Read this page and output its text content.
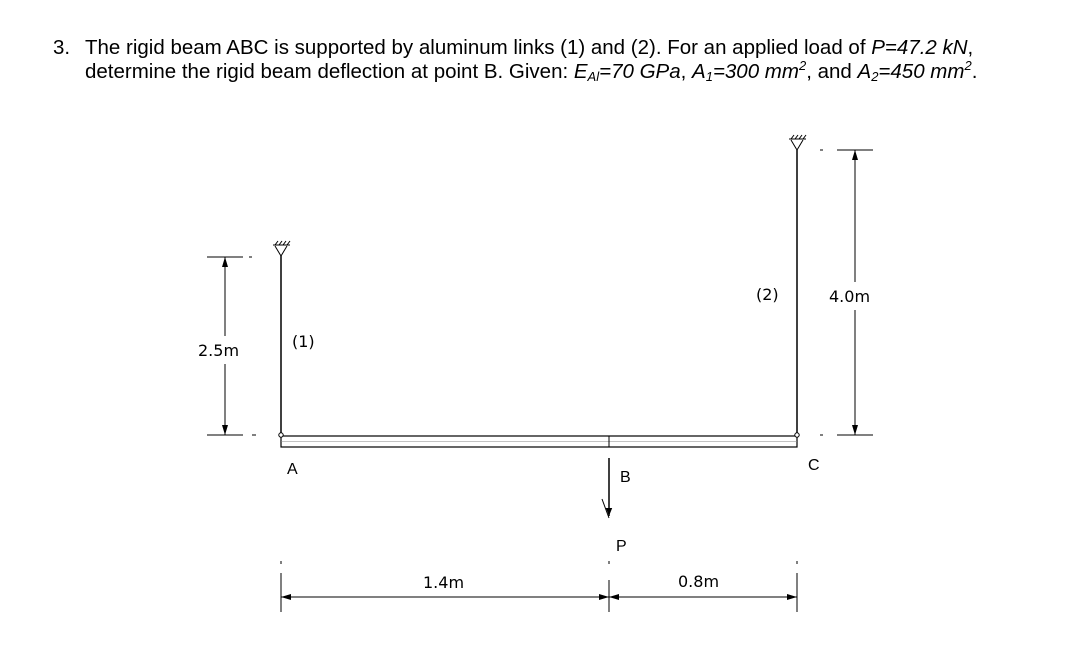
3. The rigid beam ABC is supported by aluminum links (1) and (2). For an applied load of P=47.2 kN,
determine the rigid beam deflection at point B. Given: $E_{Al}=70$ GPa, $A_1=300$ $mm^2$, and $A_2=450$ $mm^2$.
(1)
(2)
2.5m
4.0m
A	B
C
P
1.4m	0.8m
